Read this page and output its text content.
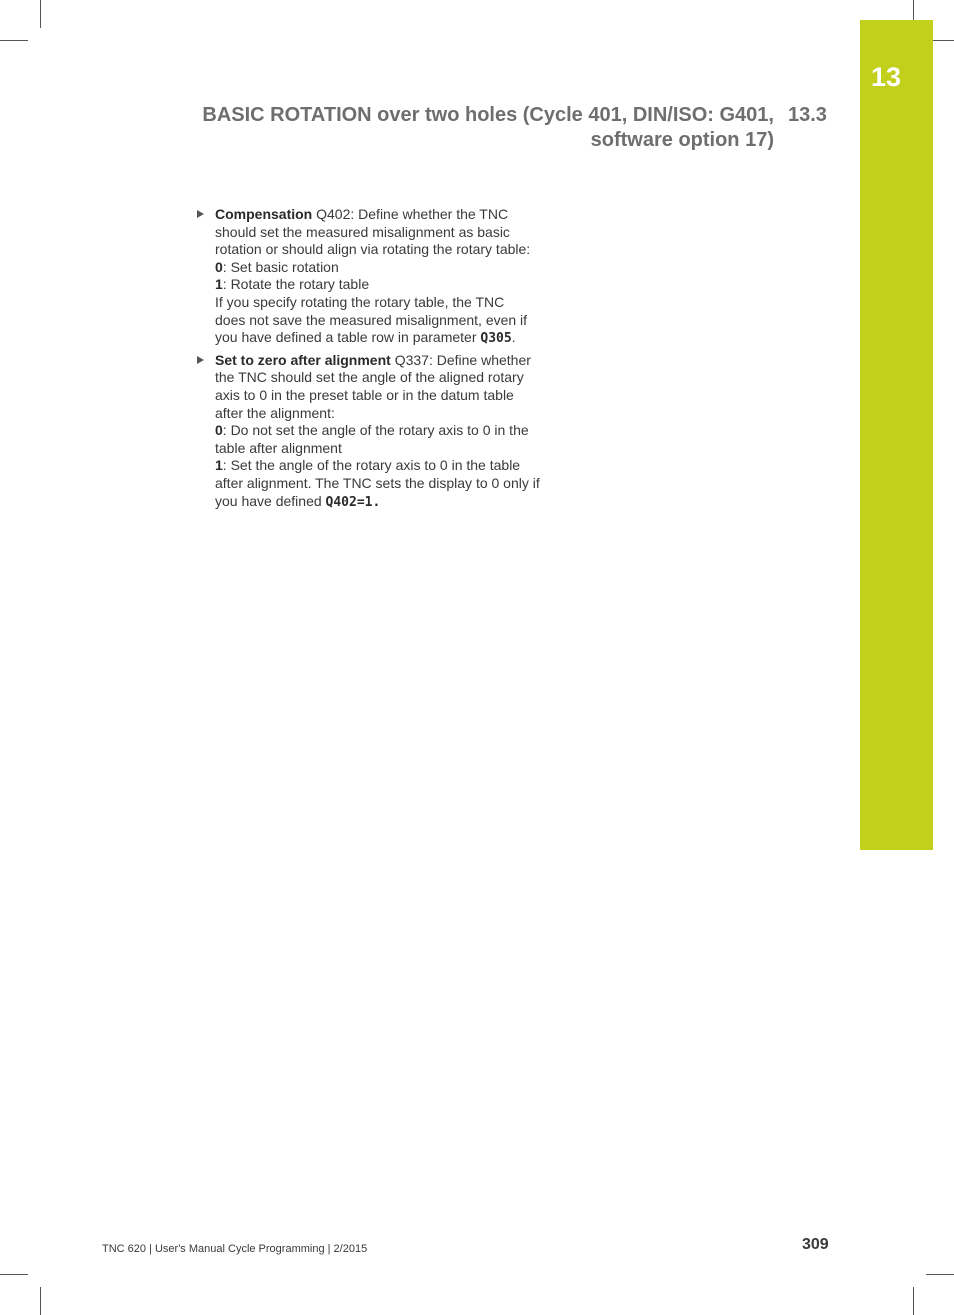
13
BASIC ROTATION over two holes (Cycle 401, DIN/ISO: G401,
software option 17)
13.3
Compensation Q402: Define whether the TNC
should set the measured misalignment as basic
rotation or should align via rotating the rotary table:
0: Set basic rotation
1: Rotate the rotary table
If you specify rotating the rotary table, the TNC
does not save the measured misalignment, even if
you have defined a table row in parameter Q305.
Set to zero after alignment Q337: Define whether
the TNC should set the angle of the aligned rotary
axis to 0 in the preset table or in the datum table
after the alignment:
0: Do not set the angle of the rotary axis to 0 in the
table after alignment
1: Set the angle of the rotary axis to 0 in the table
after alignment. The TNC sets the display to 0 only if
you have defined Q402=1.
TNC 620 | User's Manual Cycle Programming | 2/2015	309
